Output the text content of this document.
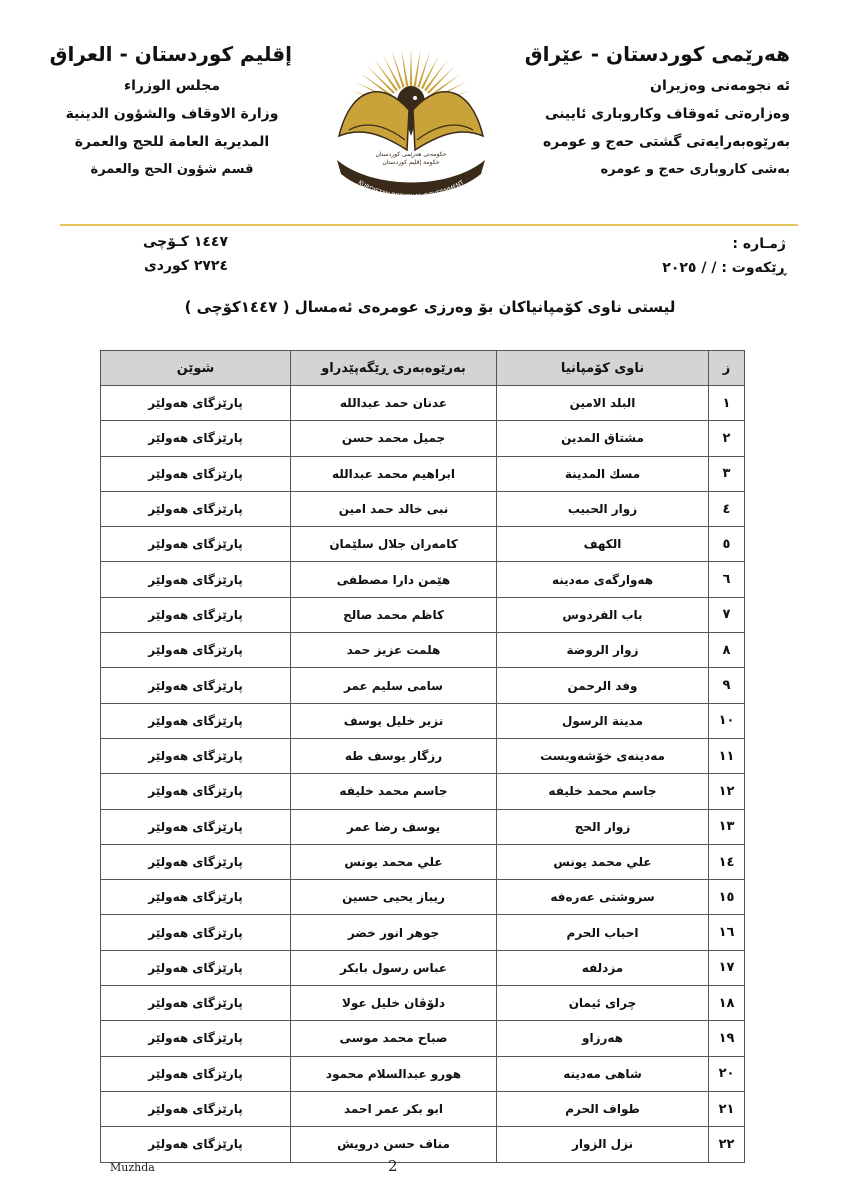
هەرێمی کوردستان - عێراق
ئه نجومەنی وەزیران
وەزارەتی ئەوقاف وکاروباری ئایینی
بەرێوەبەرایەتی گشتی حەج و عومرە
بەشی کاروباری حەج و عومرە
إقليم كوردستان - العراق
مجلس الوزراء
وزارة الاوقاف والشؤون الدينية
المديرية العامة للحج والعمرة
قسم شؤون الحج والعمرة
KURDISTAN REGIONAL GOVERNMENT
حکومەتی هەرێمی کوردستان
حكومة إقليم كوردستان
ژمـاره :
ڕێکەوت : / / ٢٠٢٥
١٤٤٧ کـۆچى
٢٧٢٤ كوردى
لیستی ناوی کۆمپانیاکان بۆ وەرزی عومرەی ئەمسال ( ١٤٤٧کۆچی )
ز	ناوی کۆمپانیا	بەرێوەبەری ڕێگەپێدراو	شوێن
١	البلد الامين	عدنان حمد عبدالله	پارێزگای هەولێر
٢	مشتاق المدين	جميل محمد حسن	پارێزگای هەولێر
٣	مسك المدينة	ابراهيم محمد عبدالله	پارێزگای هەولێر
٤	زوار الحبيب	نبى خالد حمد امين	پارێزگای هەولێر
٥	الكهف	کامەران جلال سلێمان	پارێزگای هەولێر
٦	هەوارگەی مەدینە	هێمن دارا مصطفى	پارێزگای هەولێر
٧	باب الفردوس	كاظم محمد صالح	پارێزگای هەولێر
٨	زوار الروضة	هلمت عزيز حمد	پارێزگای هەولێر
٩	وفد الرحمن	سامى سليم عمر	پارێزگای هەولێر
١٠	مدينة الرسول	نزير خليل يوسف	پارێزگای هەولێر
١١	مەدینەی خۆشەویست	رزگار يوسف طه	پارێزگای هەولێر
١٢	جاسم محمد خليفه	جاسم محمد خليفه	پارێزگای هەولێر
١٣	زوار الحج	يوسف رضا عمر	پارێزگای هەولێر
١٤	علي محمد يونس	علي محمد يونس	پارێزگای هەولێر
١٥	سروشتی عەرەفە	ريباز يحيى حسين	پارێزگای هەولێر
١٦	احباب الحرم	جوهر انور خضر	پارێزگای هەولێر
١٧	مزدلفه	عباس رسول بابكر	پارێزگای هەولێر
١٨	چرای ئیمان	دلۆڤان خليل عولا	پارێزگای هەولێر
١٩	هەرزاو	صباح محمد موسى	پارێزگای هەولێر
٢٠	شاهی مەدینە	هورو عبدالسلام محمود	پارێزگای هەولێر
٢١	طواف الحرم	ابو بكر عمر احمد	پارێزگای هەولێر
٢٢	نزل الزوار	مناف حسن درويش	پارێزگای هەولێر
Muzhda	2
